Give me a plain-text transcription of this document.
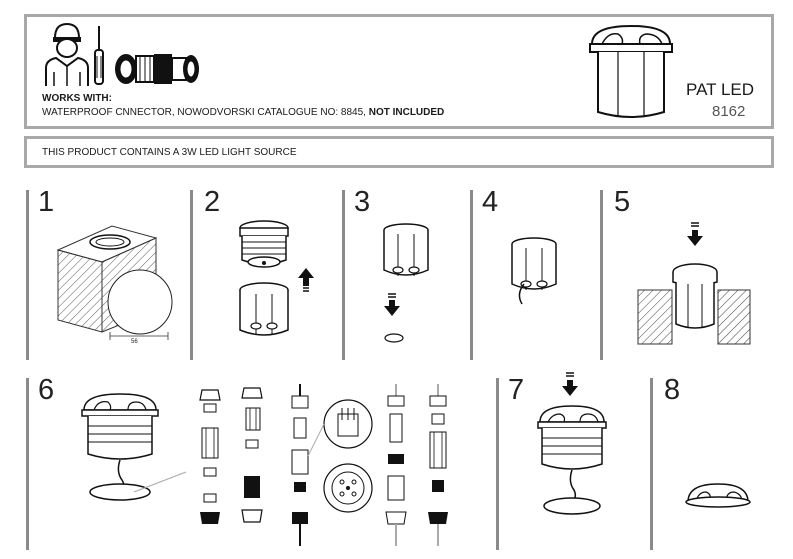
WORKS WITH:
WATERPROOF CNNECTOR, NOWODVORSKI CATALOGUE NO: 8845, NOT INCLUDED
PAT LED
8162
THIS PRODUCT CONTAINS A 3W LED LIGHT SOURCE
1	2	3	4	5
6	7	8
56
